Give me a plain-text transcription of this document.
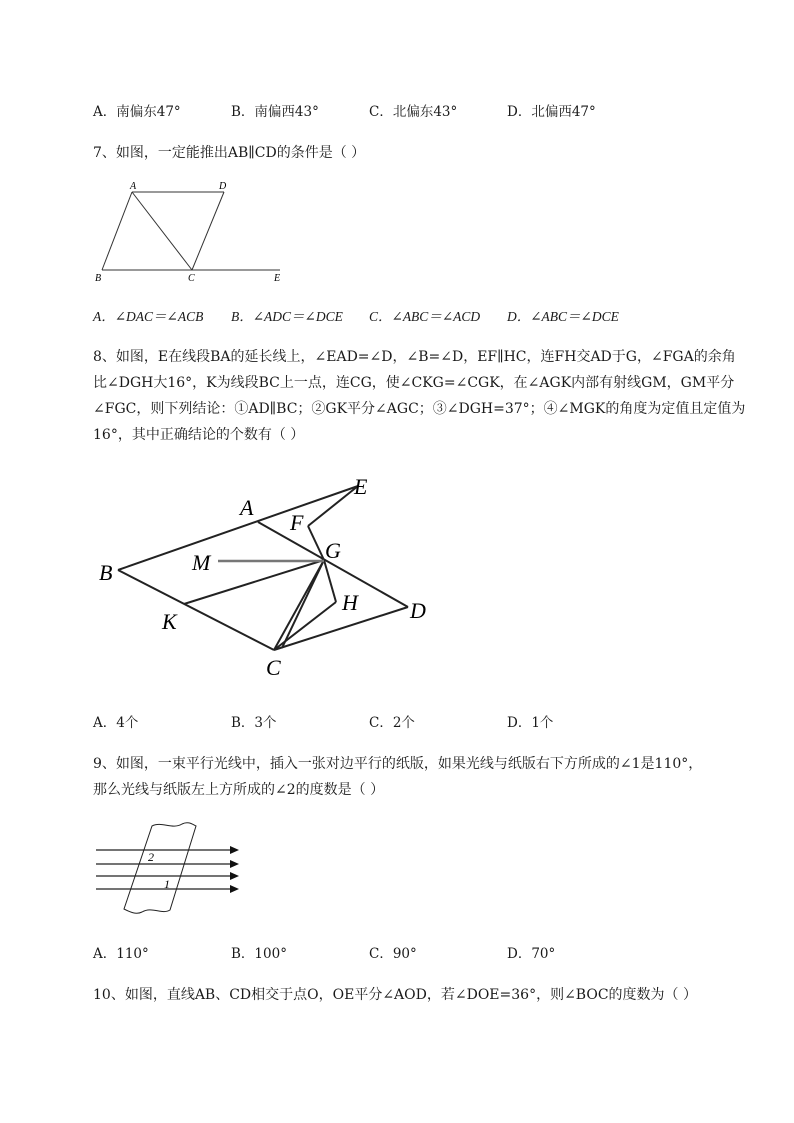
A．南偏东47°	B．南偏西43°	C．北偏东43°	D．北偏西47°
7、如图，一定能推出AB∥CD的条件是（ ）
A	D
B	C	E
A．∠DAC＝∠ACB B．∠ADC＝∠DCE C．∠ABC＝∠ACD D．∠ABC＝∠DCE
8、如图，E在线段BA的延长线上，∠EAD=∠D，∠B=∠D，EF∥HC，连FH交AD于G，∠FGA的余角
比∠DGH大16°，K为线段BC上一点，连CG，使∠CKG=∠CGK，在∠AGK内部有射线GM，GM平分
∠FGC，则下列结论：①AD∥BC；②GK平分∠AGC；③∠DGH=37°；④∠MGK的角度为定值且定值为
16°，其中正确结论的个数有（ ）
A
E
F
B	M	G
H D
K
C
A．4个	B．3个	C．2个	D．1个
9、如图，一束平行光线中，插入一张对边平行的纸版，如果光线与纸版右下方所成的∠1是110°，
那么光线与纸版左上方所成的∠2的度数是（ ）
2
1
A．110°	B．100°	C．90°	D．70°
10、如图，直线AB、CD相交于点O，OE平分∠AOD，若∠DOE=36°，则∠BOC的度数为（ ）
